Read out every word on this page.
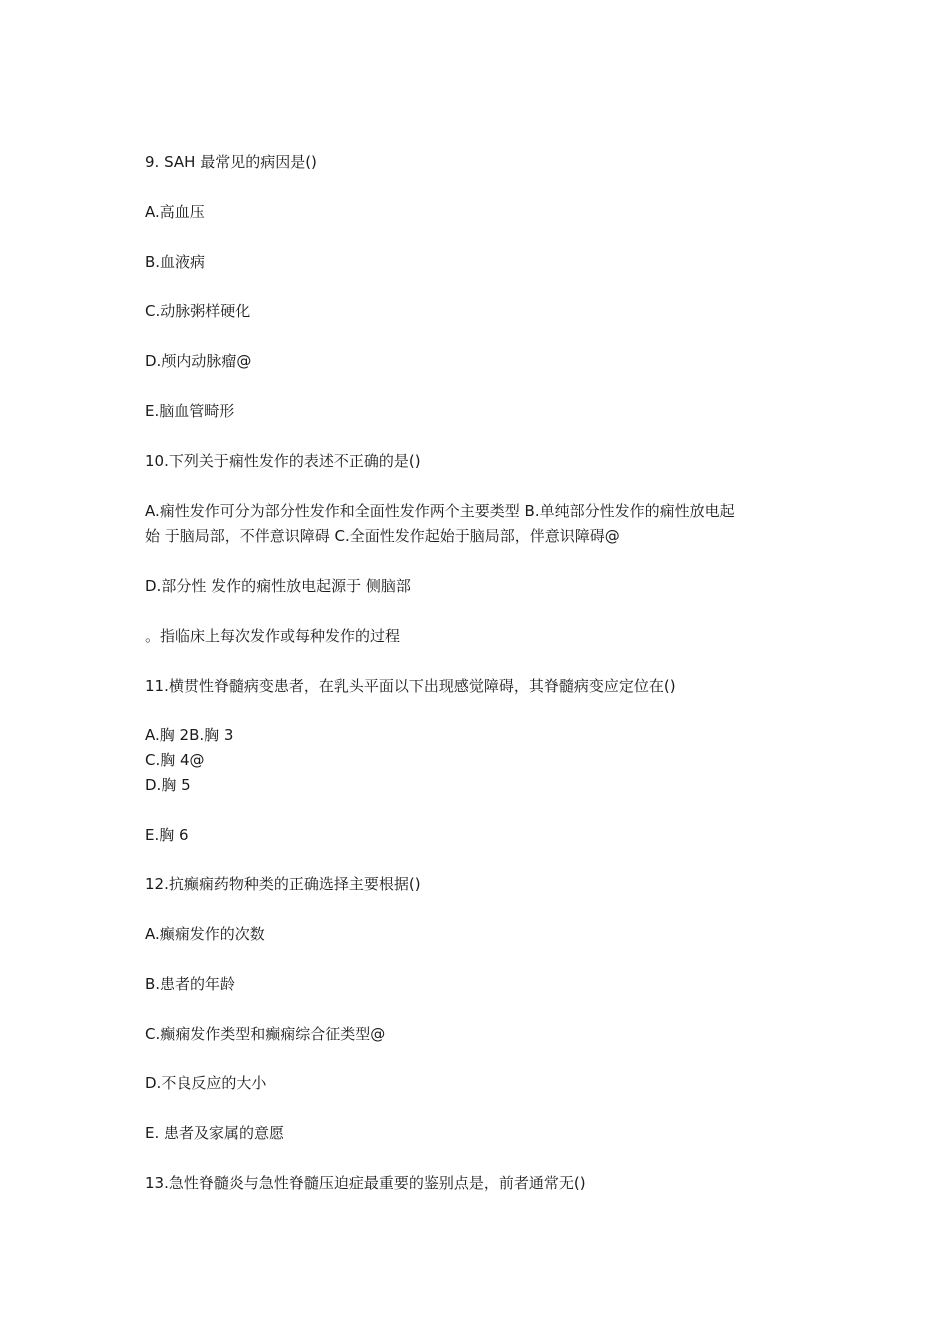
9. SAH 最常见的病因是()
A.高血压
B.血液病
C.动脉粥样硬化
D.颅内动脉瘤@
E.脑血管畸形
10.下列关于痫性发作的表述不正确的是()
A.痫性发作可分为部分性发作和全面性发作两个主要类型 B.单纯部分性发作的痫性放电起
始 于脑局部，不伴意识障碍 C.全面性发作起始于脑局部，伴意识障碍@
D.部分性 发作的痫性放电起源于 侧脑部
。指临床上每次发作或每种发作的过程
11.横贯性脊髓病变患者，在乳头平面以下出现感觉障碍，其脊髓病变应定位在()
A.胸 2B.胸 3
C.胸 4@
D.胸 5
E.胸 6
12.抗癫痫药物种类的正确选择主要根据()
A.癫痫发作的次数
B.患者的年龄
C.癫痫发作类型和癫痫综合征类型@
D.不良反应的大小
E. 患者及家属的意愿
13.急性脊髓炎与急性脊髓压迫症最重要的鉴别点是，前者通常无()
